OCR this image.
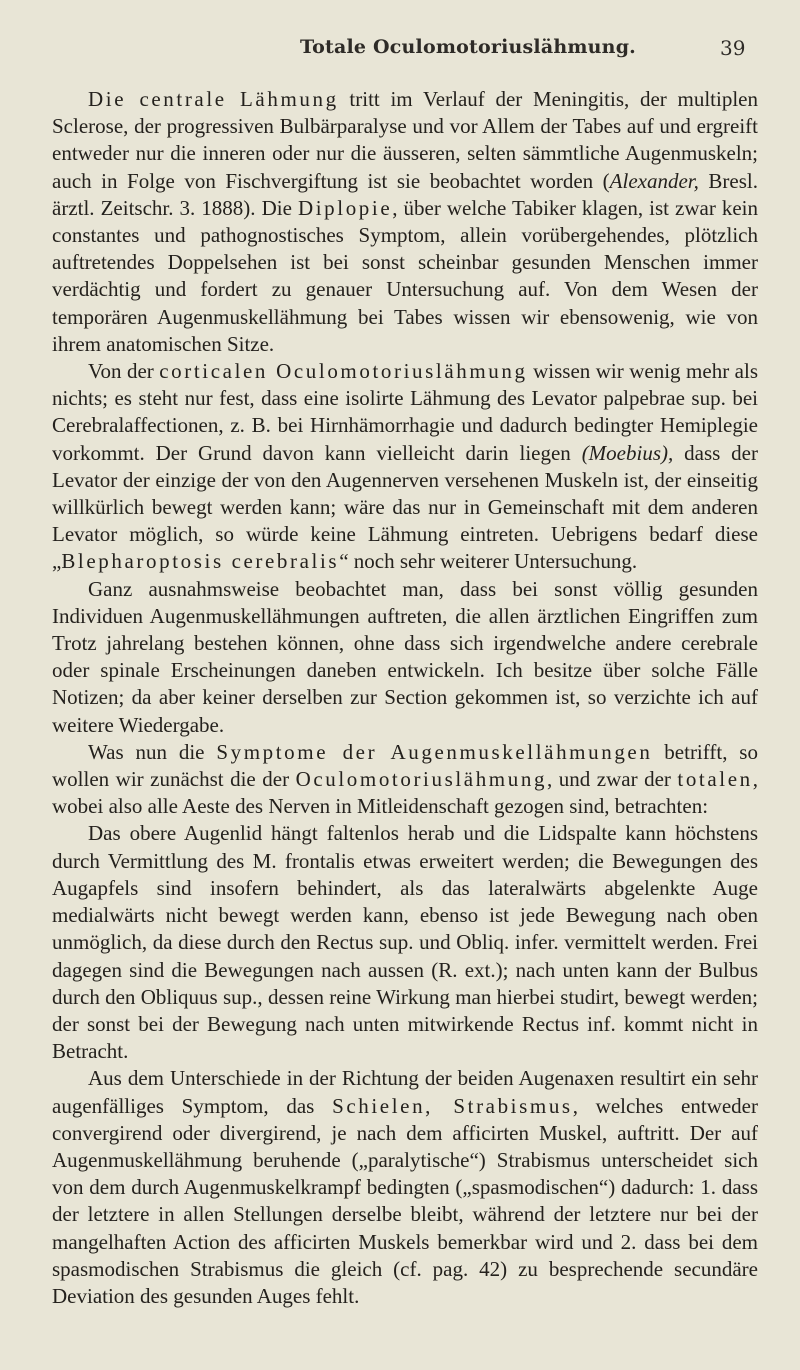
Totale Oculomotoriuslähmung.	39

Die centrale Lähmung tritt im Verlauf der Meningitis, der multiplen Sclerose, der progressiven Bulbärparalyse und vor Allem der Tabes auf und ergreift entweder nur die inneren oder nur die äusseren, selten sämmtliche Augenmuskeln; auch in Folge von Fischvergiftung ist sie beobachtet worden (Alexander, Bresl. ärztl. Zeitschr. 3. 1888). Die Diplopie, über welche Tabiker klagen, ist zwar kein constantes und pathognostisches Symptom, allein vorübergehendes, plötzlich auftretendes Doppelsehen ist bei sonst scheinbar gesunden Menschen immer verdächtig und fordert zu genauer Untersuchung auf. Von dem Wesen der temporären Augenmuskellähmung bei Tabes wissen wir ebensowenig, wie von ihrem anatomischen Sitze.

Von der corticalen Oculomotoriuslähmung wissen wir wenig mehr als nichts; es steht nur fest, dass eine isolirte Lähmung des Levator palpebrae sup. bei Cerebralaffectionen, z. B. bei Hirnhämorrhagie und dadurch bedingter Hemiplegie vorkommt. Der Grund davon kann vielleicht darin liegen (Moebius), dass der Levator der einzige der von den Augennerven versehenen Muskeln ist, der einseitig willkürlich bewegt werden kann; wäre das nur in Gemeinschaft mit dem anderen Levator möglich, so würde keine Lähmung eintreten. Uebrigens bedarf diese „Blepharoptosis cerebralis“ noch sehr weiterer Untersuchung.

Ganz ausnahmsweise beobachtet man, dass bei sonst völlig gesunden Individuen Augenmuskellähmungen auftreten, die allen ärztlichen Eingriffen zum Trotz jahrelang bestehen können, ohne dass sich irgendwelche andere cerebrale oder spinale Erscheinungen daneben entwickeln. Ich besitze über solche Fälle Notizen; da aber keiner derselben zur Section gekommen ist, so verzichte ich auf weitere Wiedergabe.

Was nun die Symptome der Augenmuskellähmungen betrifft, so wollen wir zunächst die der Oculomotoriuslähmung, und zwar der totalen, wobei also alle Aeste des Nerven in Mitleidenschaft gezogen sind, betrachten:

Das obere Augenlid hängt faltenlos herab und die Lidspalte kann höchstens durch Vermittlung des M. frontalis etwas erweitert werden; die Bewegungen des Augapfels sind insofern behindert, als das lateralwärts abgelenkte Auge medialwärts nicht bewegt werden kann, ebenso ist jede Bewegung nach oben unmöglich, da diese durch den Rectus sup. und Obliq. infer. vermittelt werden. Frei dagegen sind die Bewegungen nach aussen (R. ext.); nach unten kann der Bulbus durch den Obliquus sup., dessen reine Wirkung man hierbei studirt, bewegt werden; der sonst bei der Bewegung nach unten mitwirkende Rectus inf. kommt nicht in Betracht.

Aus dem Unterschiede in der Richtung der beiden Augenaxen resultirt ein sehr augenfälliges Symptom, das Schielen, Strabismus, welches entweder convergirend oder divergirend, je nach dem afficirten Muskel, auftritt. Der auf Augenmuskellähmung beruhende („paralytische“) Strabismus unterscheidet sich von dem durch Augenmuskelkrampf bedingten („spasmodischen“) dadurch: 1. dass der letztere in allen Stellungen derselbe bleibt, während der letztere nur bei der mangelhaften Action des afficirten Muskels bemerkbar wird und 2. dass bei dem spasmodischen Strabismus die gleich (cf. pag. 42) zu besprechende secundäre Deviation des gesunden Auges fehlt.
